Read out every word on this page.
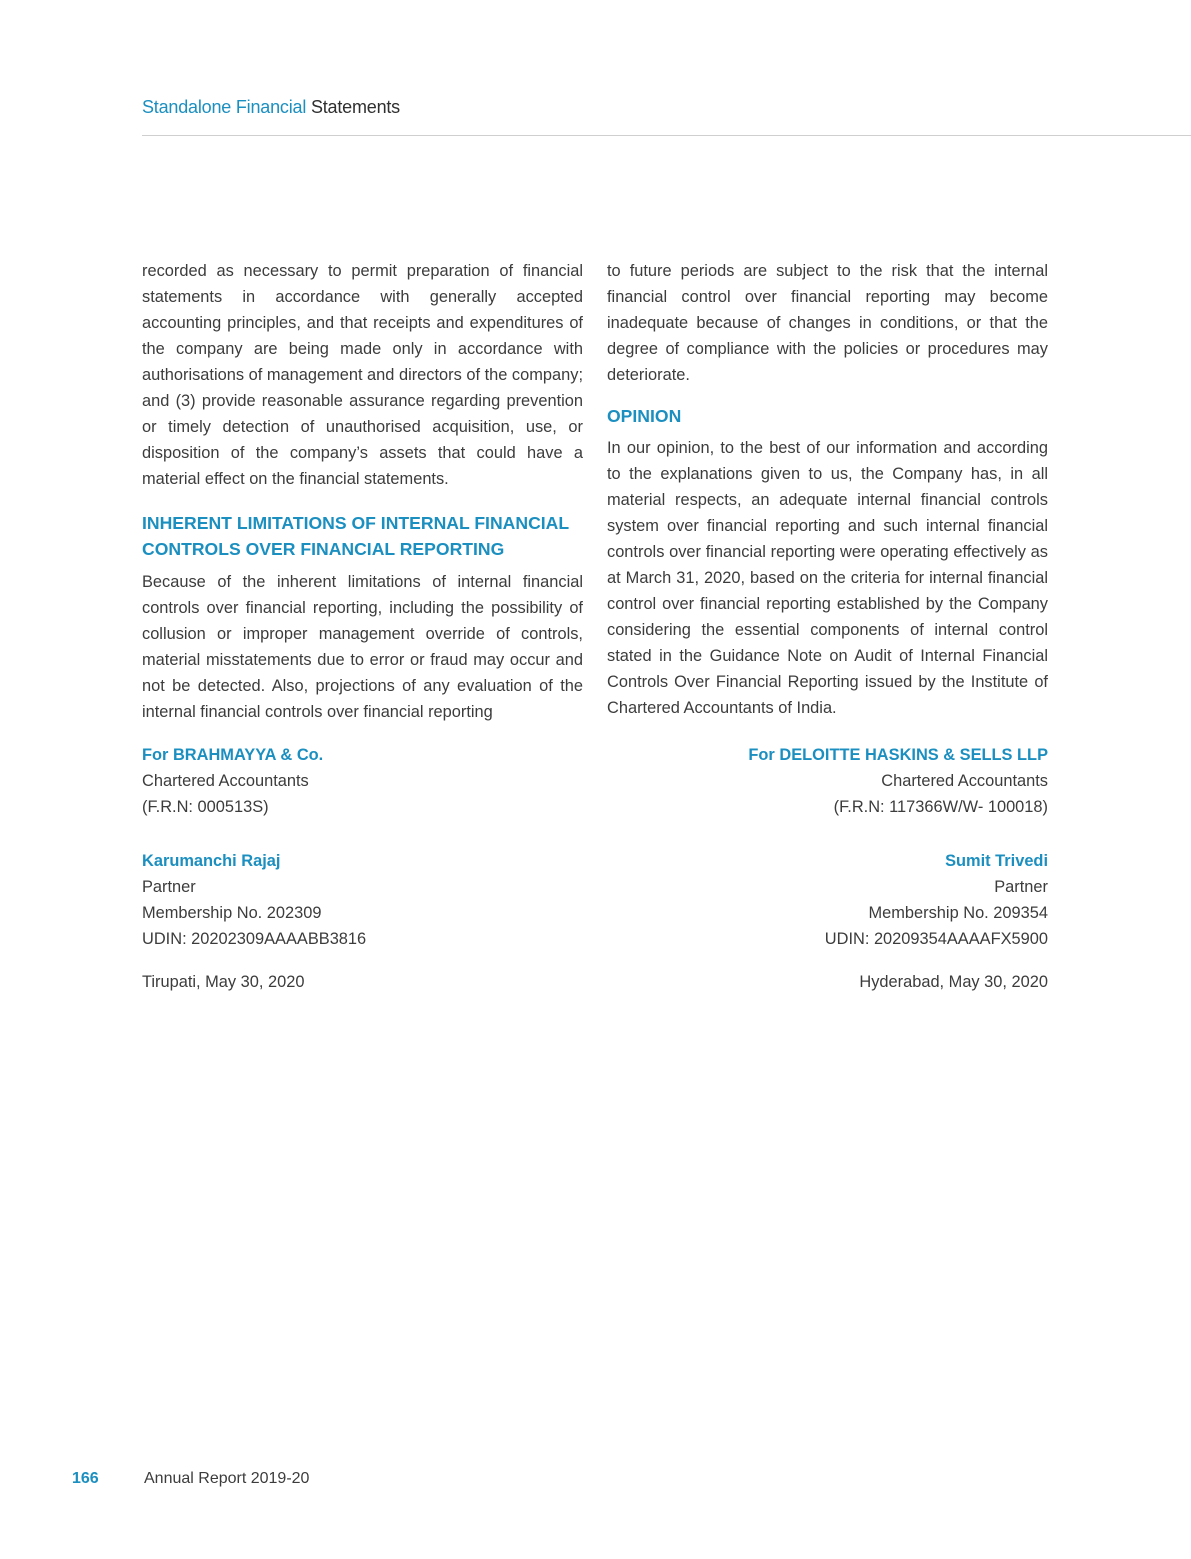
Standalone Financial Statements

recorded as necessary to permit preparation of financial statements in accordance with generally accepted accounting principles, and that receipts and expenditures of the company are being made only in accordance with authorisations of management and directors of the company; and (3) provide reasonable assurance regarding prevention or timely detection of unauthorised acquisition, use, or disposition of the company’s assets that could have a material effect on the financial statements.

INHERENT LIMITATIONS OF INTERNAL FINANCIAL CONTROLS OVER FINANCIAL REPORTING

Because of the inherent limitations of internal financial controls over financial reporting, including the possibility of collusion or improper management override of controls, material misstatements due to error or fraud may occur and not be detected. Also, projections of any evaluation of the internal financial controls over financial reporting

to future periods are subject to the risk that the internal financial control over financial reporting may become inadequate because of changes in conditions, or that the degree of compliance with the policies or procedures may deteriorate.

OPINION

In our opinion, to the best of our information and according to the explanations given to us, the Company has, in all material respects, an adequate internal financial controls system over financial reporting and such internal financial controls over financial reporting were operating effectively as at March 31, 2020, based on the criteria for internal financial control over financial reporting established by the Company considering the essential components of internal control stated in the Guidance Note on Audit of Internal Financial Controls Over Financial Reporting issued by the Institute of Chartered Accountants of India.

For BRAHMAYYA & Co.
Chartered Accountants
(F.R.N: 000513S)
Karumanchi Rajaj
Partner
Membership No. 202309
UDIN: 20202309AAAABB3816
Tirupati, May 30, 2020
For DELOITTE HASKINS & SELLS LLP
Chartered Accountants
(F.R.N: 117366W/W- 100018)
Sumit Trivedi
Partner
Membership No. 209354
UDIN: 20209354AAAAFX5900
Hyderabad, May 30, 2020
166	Annual Report 2019-20
